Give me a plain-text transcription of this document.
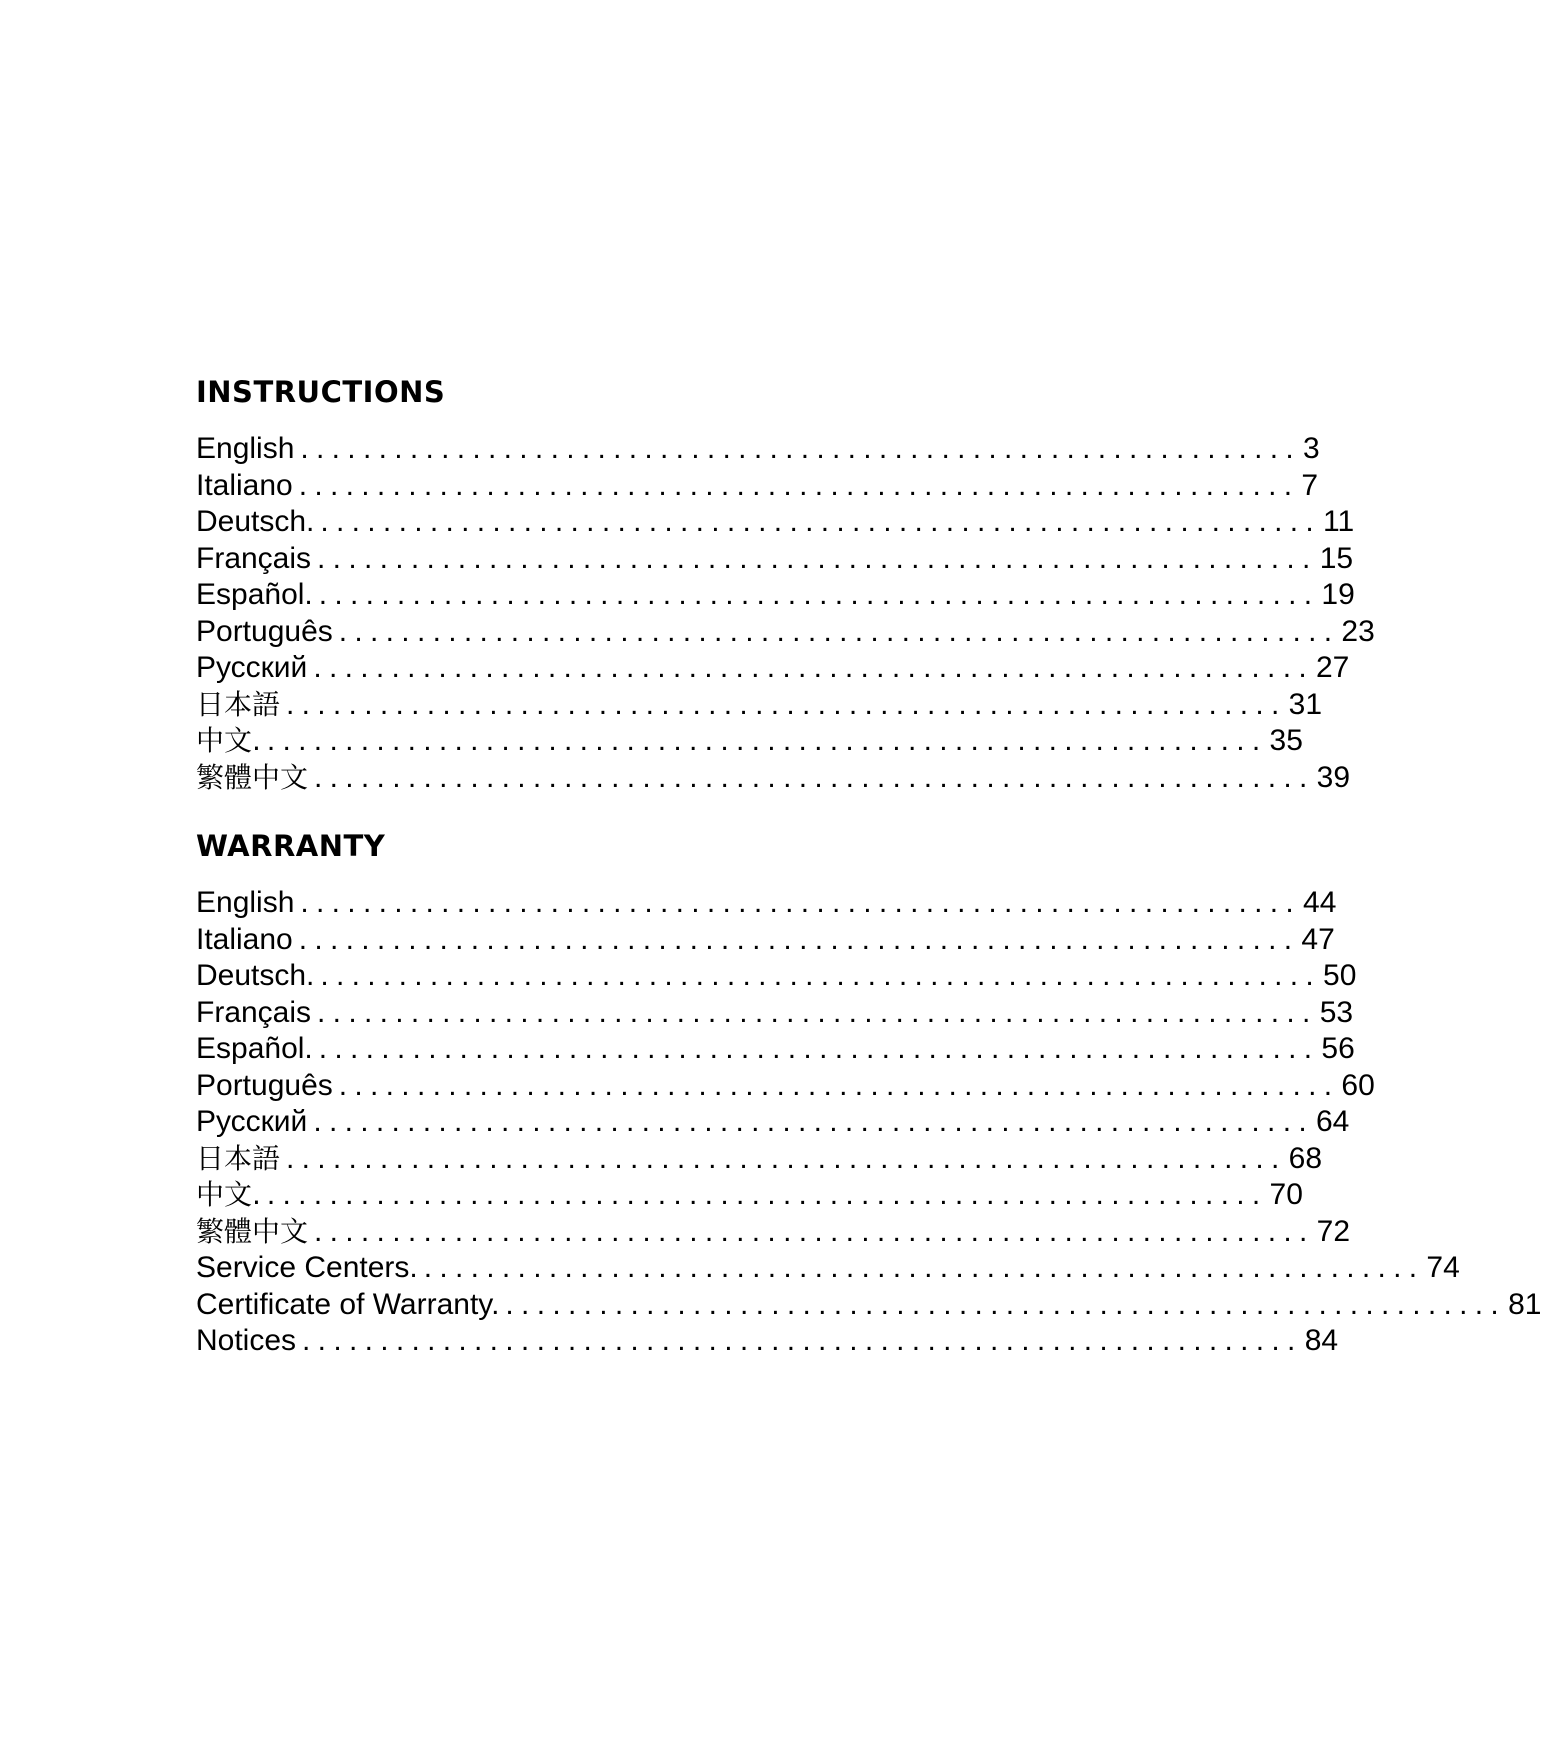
INSTRUCTIONS
English ................................................................ 3
Italiano ................................................................ 7
Deutsch. ................................................................ 11
Français ................................................................ 15
Español. ................................................................ 19
Português ................................................................ 23
Русский ................................................................ 27
日本語 ................................................................ 31
中文. ................................................................ 35
繁體中文 ................................................................ 39
WARRANTY
English ................................................................ 44
Italiano ................................................................ 47
Deutsch. ................................................................ 50
Français ................................................................ 53
Español. ................................................................ 56
Português ................................................................ 60
Русский ................................................................ 64
日本語 ................................................................ 68
中文. ................................................................ 70
繁體中文 ................................................................ 72
Service Centers. ................................................................ 74
Certificate of Warranty. ................................................................ 81
Notices ................................................................ 84
